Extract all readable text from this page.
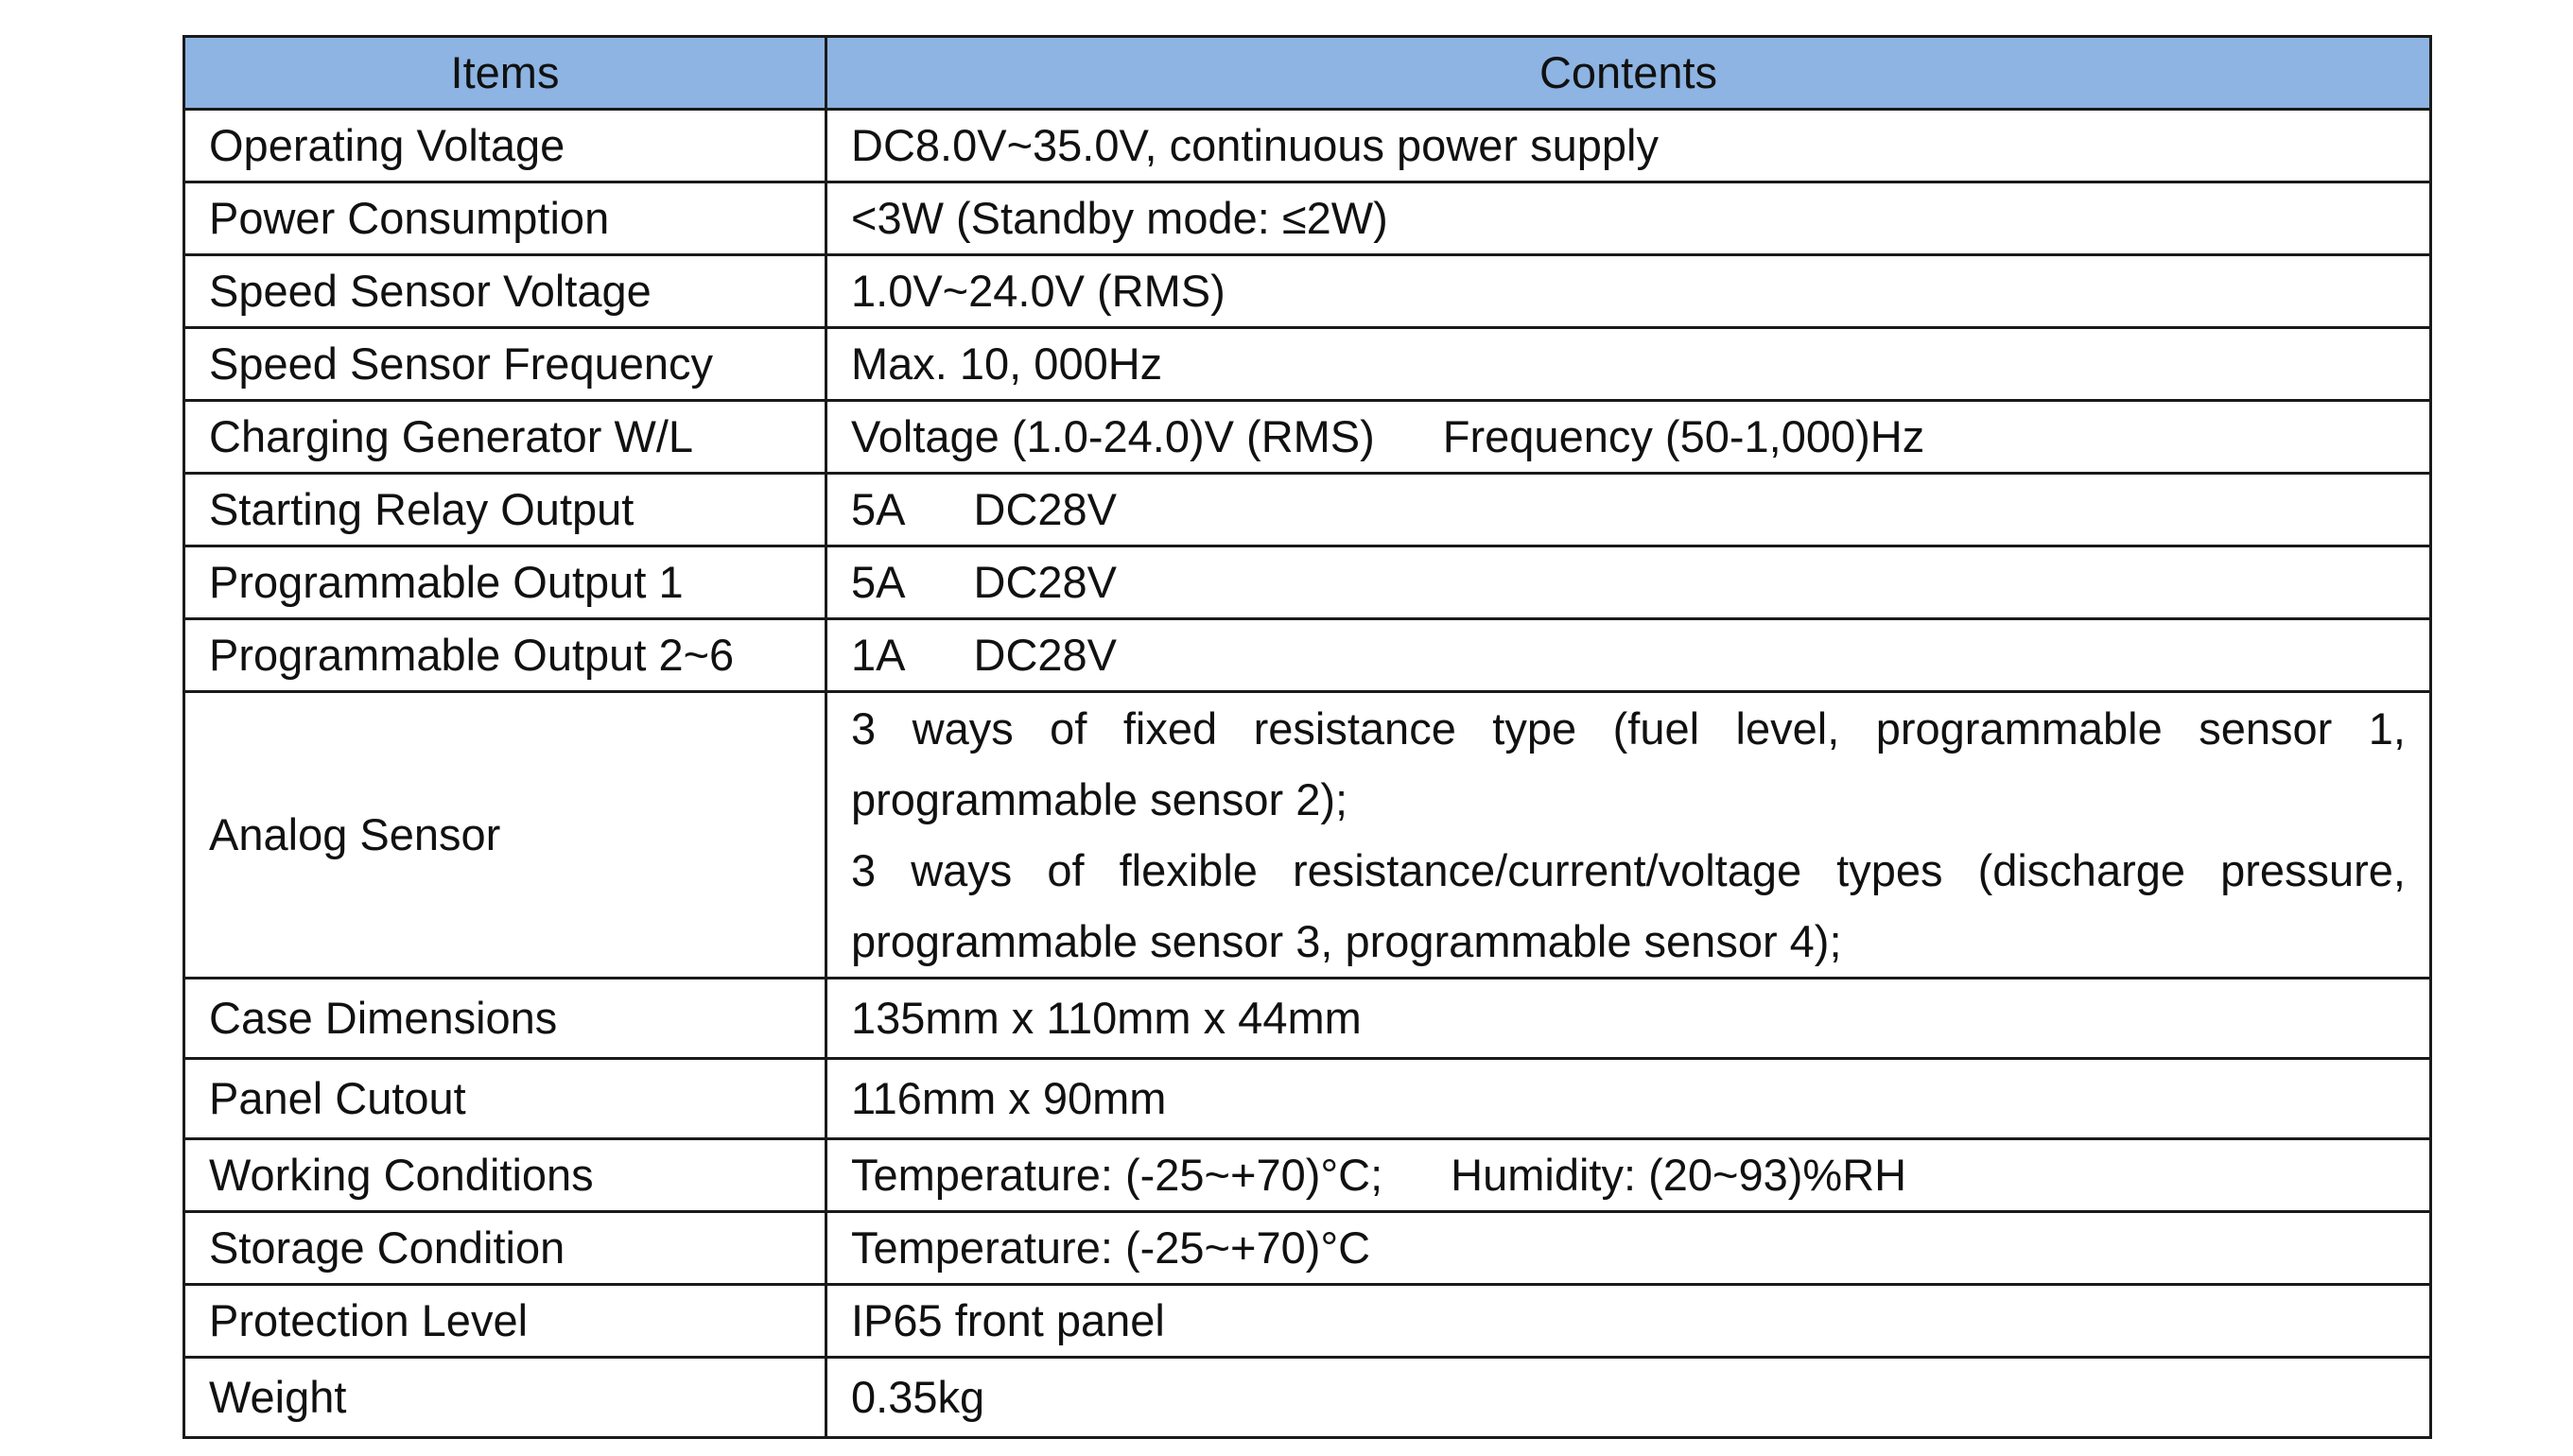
Items	Contents
Operating Voltage	DC8.0V~35.0V, continuous power supply
Power Consumption	<3W (Standby mode: ≤2W)
Speed Sensor Voltage	1.0V~24.0V (RMS)
Speed Sensor Frequency	Max. 10, 000Hz
Charging Generator W/L	Voltage (1.0-24.0)V (RMS) Frequency (50-1,000)Hz
Starting Relay Output	5A DC28V
Programmable Output 1	5A DC28V
Programmable Output 2~6	1A DC28V
Analog Sensor	3 ways of fixed resistance type (fuel level, programmable sensor 1, programmable sensor 2);
3 ways of flexible resistance/current/voltage types (discharge pressure, programmable sensor 3, programmable sensor 4);

Case Dimensions	135mm x 110mm x 44mm
Panel Cutout	116mm x 90mm
Working Conditions	Temperature: (-25~+70)°C; Humidity: (20~93)%RH
Storage Condition	Temperature: (-25~+70)°C
Protection Level	IP65 front panel
Weight	0.35kg
